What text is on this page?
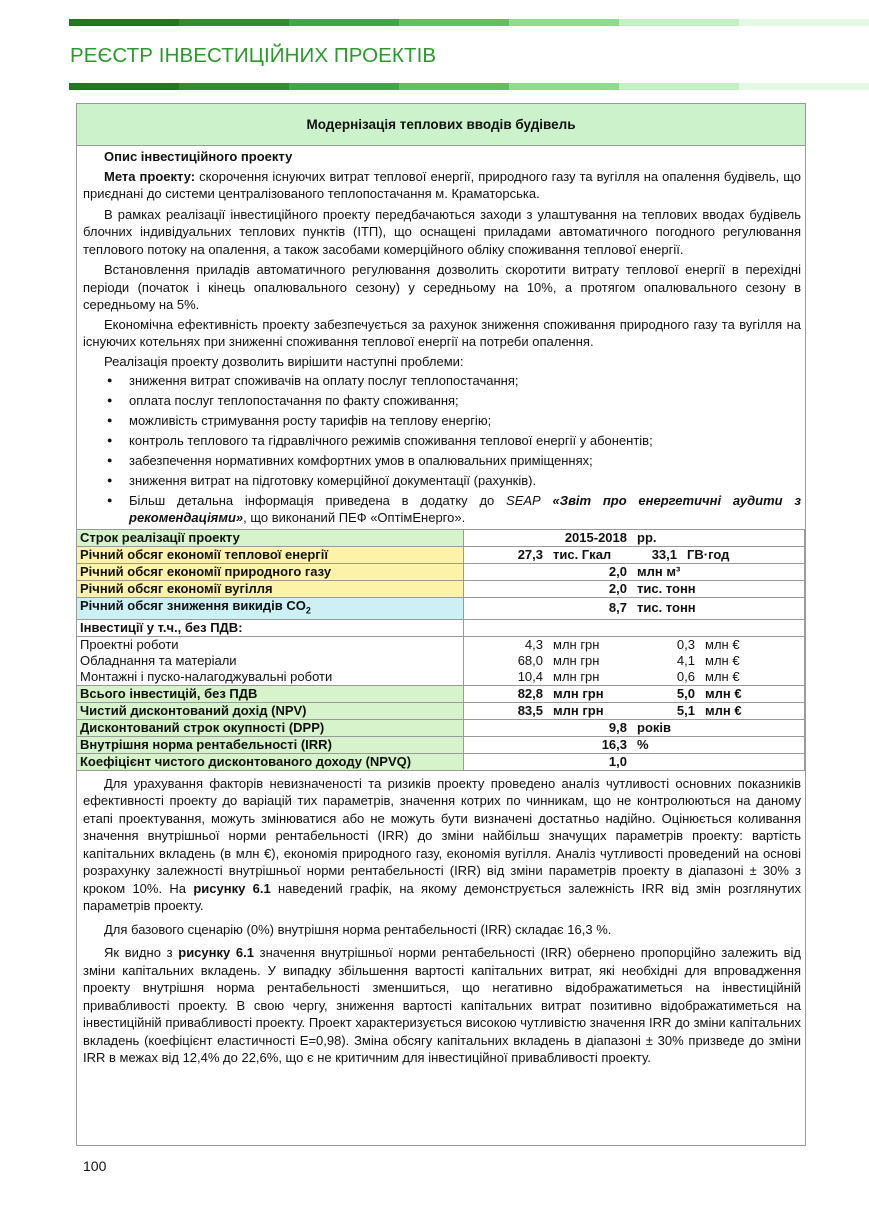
РЕЄСТР ІНВЕСТИЦІЙНИХ ПРОЕКТІВ
Модернізація теплових вводів будівель

Опис інвестиційного проекту

Мета проекту: скорочення існуючих витрат теплової енергії, природного газу та вугілля на опалення будівель, що приєднані до системи централізованого теплопостачання м. Краматорська.

В рамках реалізації інвестиційного проекту передбачаються заходи з улаштування на теплових вводах будівель блочних індивідуальних теплових пунктів (ІТП), що оснащені приладами автоматичного погодного регулювання теплового потоку на опалення, а також засобами комерційного обліку споживання теплової енергії.

Встановлення приладів автоматичного регулювання дозволить скоротити витрату теплової енергії в перехідні періоди (початок і кінець опалювального сезону) у середньому на 10%, а протягом опалювального сезону в середньому на 5%.

Економічна ефективність проекту забезпечується за рахунок зниження споживання природного газу та вугілля на існуючих котельнях при зниженні споживання теплової енергії на потреби опалення.

Реалізація проекту дозволить вирішити наступні проблеми:

● зниження витрат споживачів на оплату послуг теплопостачання;
● оплата послуг теплопостачання по факту споживання;
● можливість стримування росту тарифів на теплову енергію;
● контроль теплового та гідравлічного режимів споживання теплової енергії у абонентів;
● забезпечення нормативних комфортних умов в опалювальних приміщеннях;
● зниження витрат на підготовку комерційної документації (рахунків).
● Більш детальна інформація приведена в додатку до SEAP «Звіт про енергетичні аудити з рекомендаціями», що виконаний ПЕФ «ОптімЕнерго».
Строк реалізації проекту	2015-2018 рр.

Річний обсяг економії теплової енергії	27,3 тис. Гкал 33,1 ГВ·год

Річний обсяг економії природного газу	2,0 млн м³

Річний обсяг економії вугілля	2,0 тис. тонн

Річний обсяг зниження викидів $CO_2$	8,7 тис. тонн

Інвестиції у т.ч., без ПДВ:	
Проектні роботи	4,3 млн грн 0,3 млн €

Обладнання та матеріали	68,0 млн грн 4,1 млн €

Монтажні і пуско-налагоджувальні роботи	10,4 млн грн 0,6 млн €

Всього інвестицій, без ПДВ	82,8 млн грн 5,0 млн €

Чистий дисконтований дохід (NPV)	83,5 млн грн 5,1 млн €

Дисконтований строк окупності (DPP)	9,8 років

Внутрішня норма рентабельності (IRR)	16,3 %

Коефіцієнт чистого дисконтованого доходу (NPVQ)	1,0

Для урахування факторів невизначеності та ризиків проекту проведено аналіз чутливості основних показників ефективності проекту до варіацій тих параметрів, значення котрих по чинникам, що не контролюються на даному етапі проектування, можуть змінюватися або не можуть бути визначені достатньо надійно. Оцінюється коливання значення внутрішньої норми рентабельності (IRR) до зміни найбільш значущих параметрів проекту: вартість капітальних вкладень (в млн €), економія природного газу, економія вугілля. Аналіз чутливості проведений на основі розрахунку залежності внутрішньої норми рентабельності (IRR) від зміни параметрів проекту в діапазоні ± 30% з кроком 10%. На рисунку 6.1 наведений графік, на якому демонструється залежність IRR від змін розглянутих параметрів проекту.

Для базового сценарію (0%) внутрішня норма рентабельності (IRR) складає 16,3 %.

Як видно з рисунку 6.1 значення внутрішньої норми рентабельності (IRR) обернено пропорційно залежить від зміни капітальних вкладень. У випадку збільшення вартості капітальних витрат, які необхідні для впровадження проекту внутрішня норма рентабельності зменшиться, що негативно відображатиметься на інвестиційній привабливості проекту. В свою чергу, зниження вартості капітальних витрат позитивно відображатиметься на інвестиційній привабливості проекту. Проект характеризується високою чутливістю значення IRR до зміни капітальних вкладень (коефіцієнт еластичності Е=0,98). Зміна обсягу капітальних вкладень в діапазоні ± 30% призведе до зміни IRR в межах від 12,4% до 22,6%, що є не критичним для інвестиційної привабливості проекту.

100
